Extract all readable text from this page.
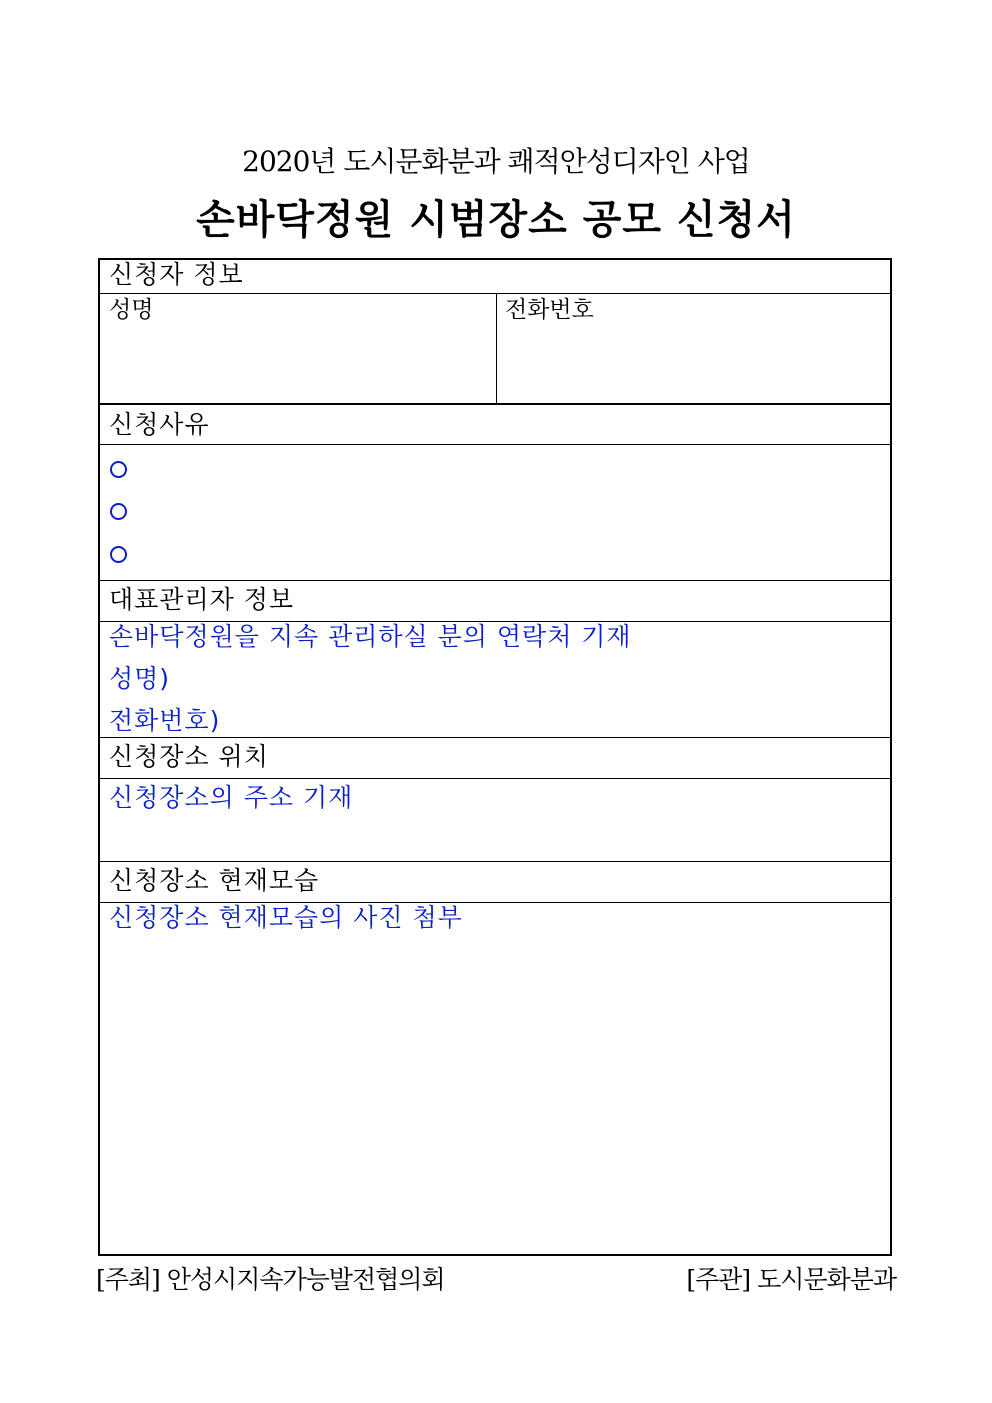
2020년 도시문화분과 쾌적안성디자인 사업
손바닥정원 시범장소 공모 신청서
신청자 정보
성명	전화번호
신청사유
대표관리자 정보
손바닥정원을 지속 관리하실 분의 연락처 기재
성명)
전화번호)
신청장소 위치
신청장소의 주소 기재
신청장소 현재모습
신청장소 현재모습의 사진 첨부
[주최] 안성시지속가능발전협의회	[주관] 도시문화분과
